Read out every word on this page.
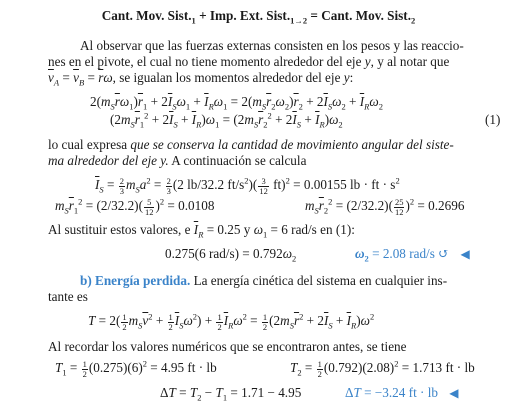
Cant. Mov. $Sist._1$ + Imp. Ext. $Sist._{1\to 2}$ = Cant. Mov. $Sist._2$
Al observar que las fuerzas externas consisten en los pesos y las reaccio-
nes en el pivote, el cual no tiene momento alrededor del eje y, y al notar que
$\overline{v}_A = \overline{v}_B = \overline{r}\omega$, se igualan los momentos alrededor del eje y:
$2(m_S\overline{r}\omega_1)\overline{r}_1 + 2\overline{I}_S\omega_1 + \overline{I}_R\omega_1 = 2(m_S\overline{r}_2\omega_2)\overline{r}_2 + 2\overline{I}_S\omega_2 + \overline{I}_R\omega_2$
$(2m_S\overline{r}_1^2 + 2\overline{I}_S + \overline{I}_R)\omega_1 = (2m_S\overline{r}_2^2 + 2\overline{I}_S + \overline{I}_R)\omega_2$	(1)
lo cual expresa que se conserva la cantidad de movimiento angular del siste-
ma alrededor del eje y. A continuación se calcula
$\overline{I}_S = \frac{2}{3} m_Sa^2 = \frac{2}{3} (2$ lb/32.2 $ft/s^2)( \frac{3}{12} ft)^2 = 0.00155$ lb · ft · $s^2$
$m_S\overline{r}_1^2 = (2/32.2)( \frac{5}{12} )^2 = 0.0108$	$m_S\overline{r}_2^2 = (2/32.2)( \frac{25}{12} )^2 = 0.2696$
Al sustituir estos valores, e $\overline{I}_R = 0.25$ y $\omega_1 = 6$ rad/s en (1):
0.275(6 $rad/s) = 0.792\omega_2$	$\omega_2 = 2.08$ rad/s ↺ ◀
b) Energía perdida. La energía cinética del sistema en cualquier ins-
tante es
$T = 2( \frac{1}{2} m_S\overline{v}^2 + \frac{1}{2} \overline{I}_S\omega^2) + \frac{1}{2} \overline{I}_R\omega^2 = \frac{1}{2} (2m_S\overline{r}^2 + 2\overline{I}_S + \overline{I}_R)\omega^2$
Al recordar los valores numéricos que se encontraron antes, se tiene
$T_1 = \frac{1}{2} (0.275)(6)^2 = 4.95$ ft · lb	$T_2 = \frac{1}{2} (0.792)(2.08)^2 = 1.713$ ft · lb
$\Delta T = T_2 - T_1 = 1.71 - 4.95$	ΔT = −3.24 ft · lb ◀
